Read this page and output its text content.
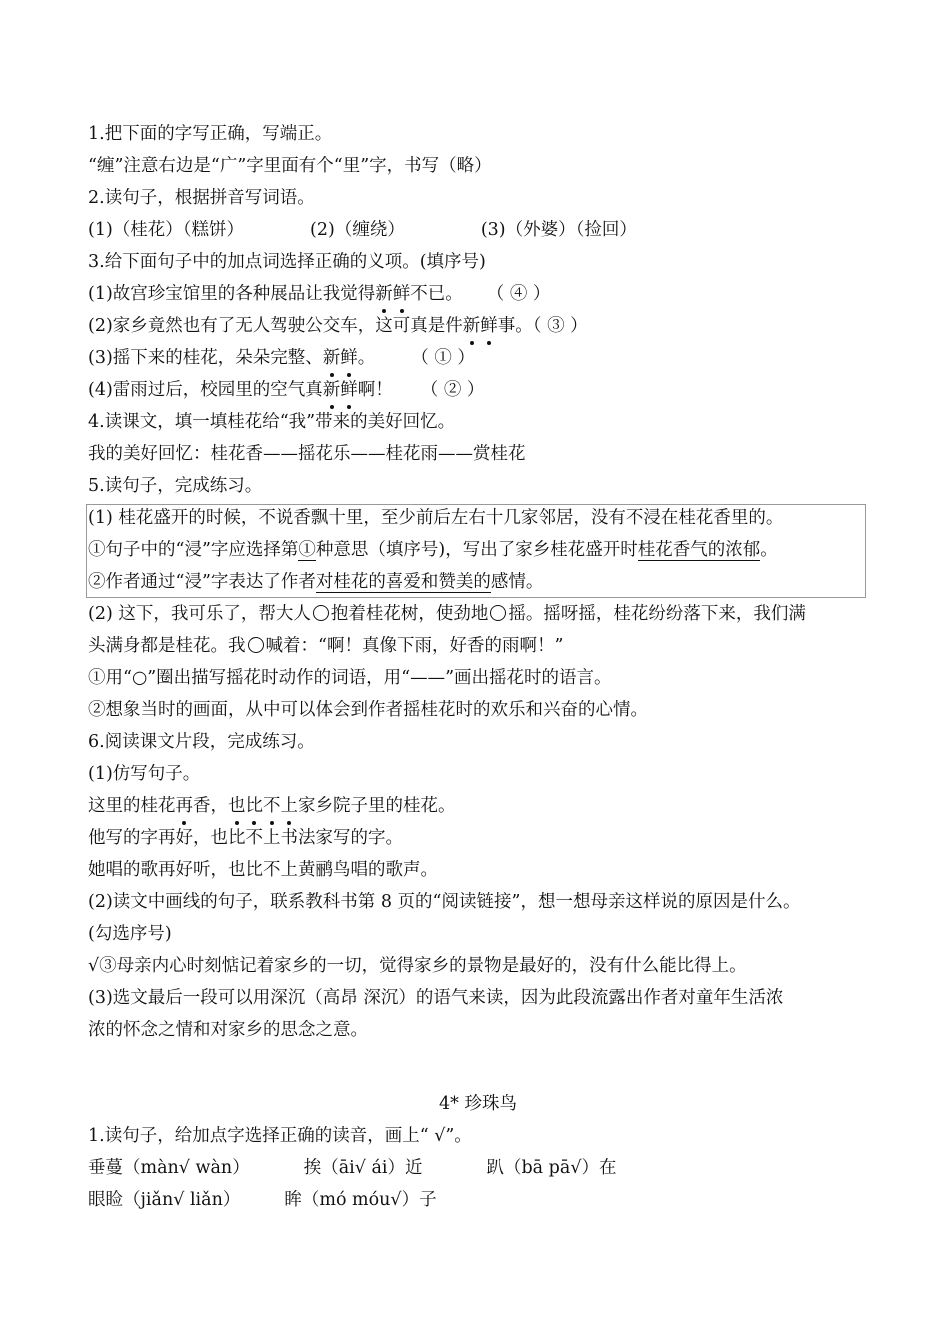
1.把下面的字写正确，写端正。
“缠”注意右边是“广”字里面有个“里”字，书写（略）
2.读句子，根据拼音写词语。
(1)（桂花）（糕饼）	(2)（缠绕）	(3)（外婆）（捡回）
3.给下面句子中的加点词选择正确的义项。(填序号)
(1)故宫珍宝馆里的各种展品让我觉得新鲜不已。 （ ④ ）
(2)家乡竟然也有了无人驾驶公交车，这可真是件新鲜事。（ ③ ）
(3)摇下来的桂花，朵朵完整、新鲜。 （ ① ）
(4)雷雨过后，校园里的空气真新鲜啊！ （ ② ）
4.读课文，填一填桂花给“我”带来的美好回忆。
我的美好回忆：桂花香——摇花乐——桂花雨——赏桂花
5.读句子，完成练习。
(1) 桂花盛开的时候，不说香飘十里，至少前后左右十几家邻居，没有不浸在桂花香里的。
①句子中的“浸”字应选择第①种意思（填序号)，写出了家乡桂花盛开时桂花香气的浓郁。
②作者通过“浸”字表达了作者对桂花的喜爱和赞美的感情。
(2) 这下，我可乐了，帮大人 ○ 抱着桂花树，使劲地 ○ 摇。摇呀摇，桂花纷纷落下来，我们满
头满身都是桂花。我 ○ 喊着：“啊！真像下雨，好香的雨啊！”
①用“○”圈出描写摇花时动作的词语，用“——”画出摇花时的语言。
②想象当时的画面，从中可以体会到作者摇桂花时的欢乐和兴奋的心情。
6.阅读课文片段，完成练习。
(1)仿写句子。
这里的桂花再香，也比不上家乡院子里的桂花。
他写的字再好，也比不上书法家写的字。
她唱的歌再好听，也比不上黄鹂鸟唱的歌声。
(2)读文中画线的句子，联系教科书第 8 页的“阅读链接”，想一想母亲这样说的原因是什么。
(勾选序号)
√③母亲内心时刻惦记着家乡的一切，觉得家乡的景物是最好的，没有什么能比得上。
(3)选文最后一段可以用深沉（高昂 深沉）的语气来读，因为此段流露出作者对童年生活浓
浓的怀念之情和对家乡的思念之意。
4* 珍珠鸟
1.读句子，给加点字选择正确的读音，画上“ √”。
垂蔓（màn√ wàn）	挨（āi√ ái）近	趴（bā pā√）在
眼睑（jiǎn√ liǎn）	眸（mó móu√）子
